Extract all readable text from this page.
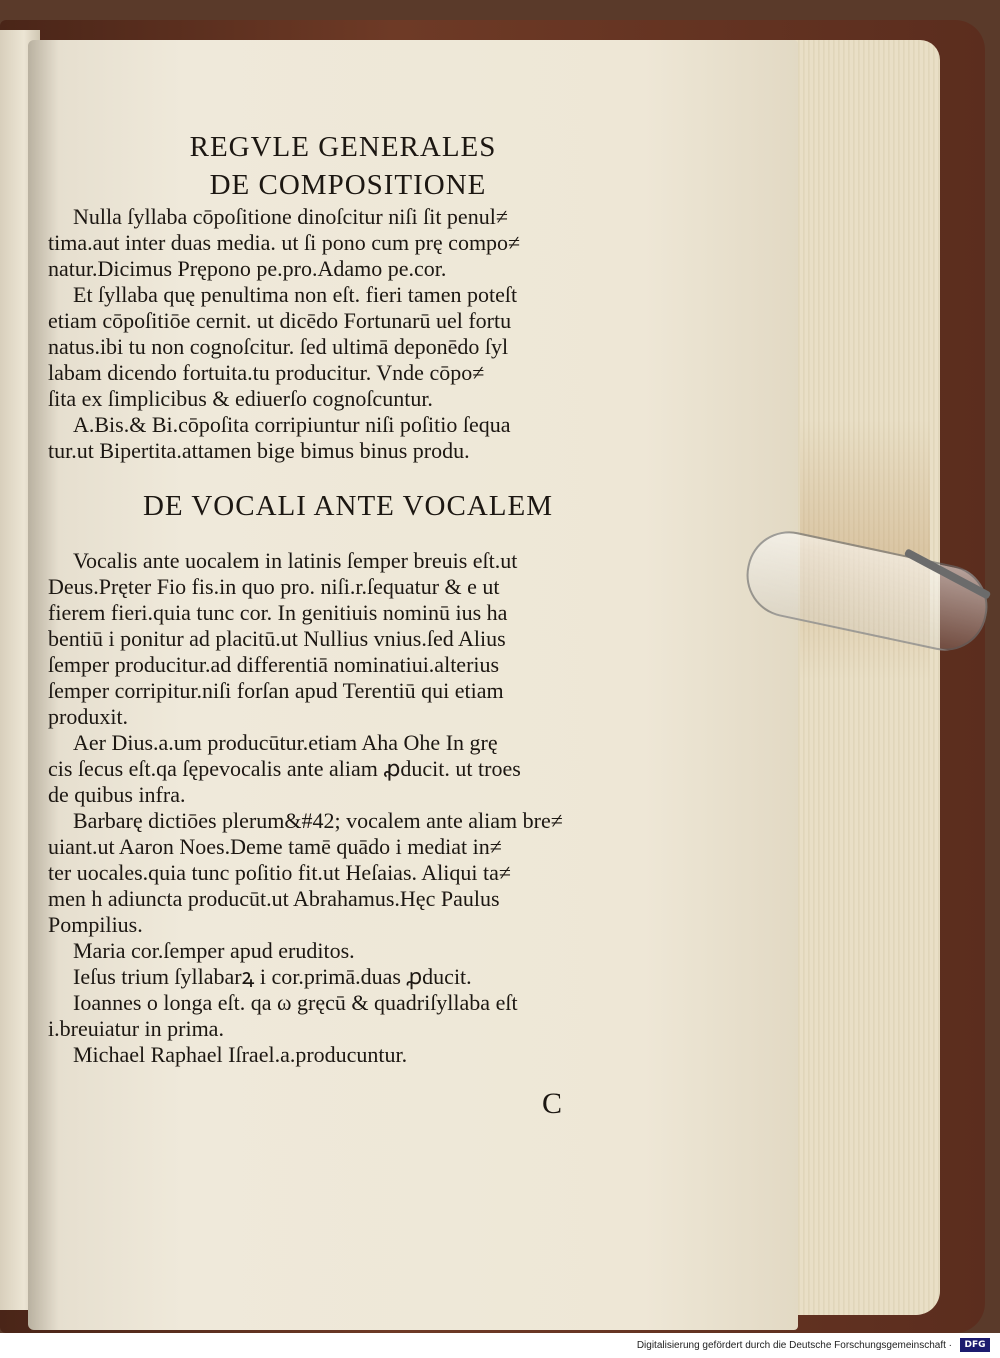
REGVLE GENERALES

DE COMPOSITIONE

Nulla ſyllaba cōpoſitione dinoſcitur niſi ſit penul≠

tima.aut inter duas media. ut ſi pono cum prę compo≠

natur.Dicimus Prępono pe.pro.Adamo pe.cor.

Et ſyllaba quę penultima non eſt. fieri tamen poteſt

etiam cōpoſitiōe cernit. ut dicēdo Fortunarū uel fortu

natus.ibi tu non cognoſcitur. ſed ultimā deponēdo ſyl

labam dicendo fortuita.tu producitur. Vnde cōpo≠

ſita ex ſimplicibus & ediuerſo cognoſcuntur.

A.Bis.& Bi.cōpoſita corripiuntur niſi poſitio ſequa

tur.ut Bipertita.attamen bige bimus binus produ.

DE VOCALI ANTE VOCALEM

Vocalis ante uocalem in latinis ſemper breuis eſt.ut

Deus.Pręter Fio fis.in quo pro. niſi.r.ſequatur & e ut

fierem fieri.quia tunc cor. In genitiuis nominū ius ha

bentiū i ponitur ad placitū.ut Nullius vnius.ſed Alius

ſemper producitur.ad differentiā nominatiui.alterius

ſemper corripitur.niſi forſan apud Terentiū qui etiam

produxit.

Aer Dius.a.um producūtur.etiam Aha Ohe In grę

cis ſecus eſt.qa ſępevocalis ante aliam ꝓducit. ut troes

de quibus infra.

Barbarę dictiōes plerum&#42; vocalem ante aliam bre≠

uiant.ut Aaron Noes.Deme tamē quādo i mediat in≠

ter uocales.quia tunc poſitio fit.ut Heſaias. Aliqui ta≠

men h adiuncta producūt.ut Abrahamus.Hęc Paulus

Pompilius.

Maria cor.ſemper apud eruditos.

Ieſus trium ſyllabarꝝ i cor.primā.duas ꝓducit.

Ioannes o longa eſt. qa ω gręcū & quadriſyllaba eſt

i.breuiatur in prima.

Michael Raphael Iſrael.a.producuntur.

C
Digitalisierung gefördert durch die Deutsche Forschungsgemeinschaft ·	DFG
